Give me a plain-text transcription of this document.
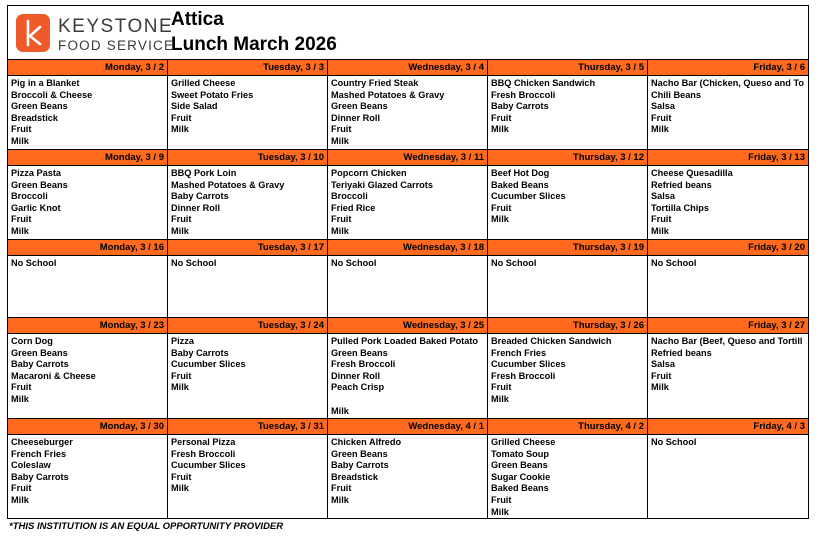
KEYSTONE
FOOD SERVICE
Attica
Lunch March 2026
Monday, 3 / 2
Pig in a Blanket
Broccoli & Cheese
Green Beans
Breadstick
Fruit
Milk
Tuesday, 3 / 3
Grilled Cheese
Sweet Potato Fries
Side Salad
Fruit
Milk
Wednesday, 3 / 4
Country Fried Steak
Mashed Potatoes & Gravy
Green Beans
Dinner Roll
Fruit
Milk
Thursday, 3 / 5
BBQ Chicken Sandwich
Fresh Broccoli
Baby Carrots
Fruit
Milk
Friday, 3 / 6
Nacho Bar (Chicken, Queso and To
Chili Beans
Salsa
Fruit
Milk
Monday, 3 / 9
Pizza Pasta
Green Beans
Broccoli
Garlic Knot
Fruit
Milk
Tuesday, 3 / 10
BBQ Pork Loin
Mashed Potatoes & Gravy
Baby Carrots
Dinner Roll
Fruit
Milk
Wednesday, 3 / 11
Popcorn Chicken
Teriyaki Glazed Carrots
Broccoli
Fried Rice
Fruit
Milk
Thursday, 3 / 12
Beef Hot Dog
Baked Beans
Cucumber Slices
Fruit
Milk
Friday, 3 / 13
Cheese Quesadilla
Refried beans
Salsa
Tortilla Chips
Fruit
Milk
Monday, 3 / 16
No School
Tuesday, 3 / 17
No School
Wednesday, 3 / 18
No School
Thursday, 3 / 19
No School
Friday, 3 / 20
No School
Monday, 3 / 23
Corn Dog
Green Beans
Baby Carrots
Macaroni & Cheese
Fruit
Milk
Tuesday, 3 / 24
Pizza
Baby Carrots
Cucumber Slices
Fruit
Milk
Wednesday, 3 / 25
Pulled Pork Loaded Baked Potato
Green Beans
Fresh Broccoli
Dinner Roll
Peach Crisp
Milk
Thursday, 3 / 26
Breaded Chicken Sandwich
French Fries
Cucumber Slices
Fresh Broccoli
Fruit
Milk
Friday, 3 / 27
Nacho Bar (Beef, Queso and Tortill
Refried beans
Salsa
Fruit
Milk
Monday, 3 / 30
Cheeseburger
French Fries
Coleslaw
Baby Carrots
Fruit
Milk
Tuesday, 3 / 31
Personal Pizza
Fresh Broccoli
Cucumber Slices
Fruit
Milk
Wednesday, 4 / 1
Chicken Alfredo
Green Beans
Baby Carrots
Breadstick
Fruit
Milk
Thursday, 4 / 2
Grilled Cheese
Tomato Soup
Green Beans
Sugar Cookie
Baked Beans
Fruit
Milk
Friday, 4 / 3
No School
*THIS INSTITUTION IS AN EQUAL OPPORTUNITY PROVIDER
